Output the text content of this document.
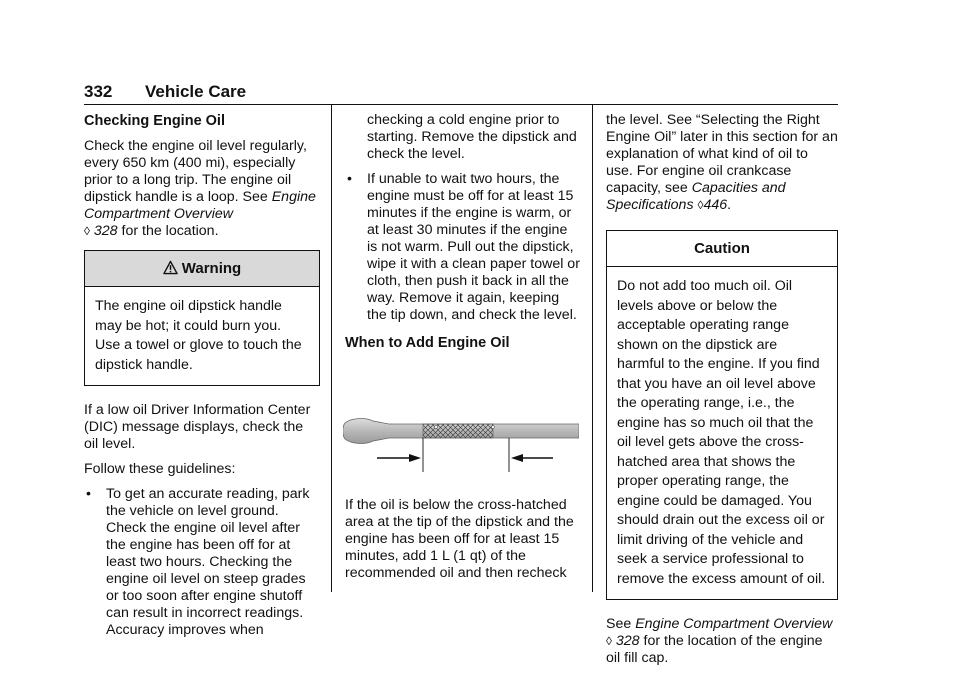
332 Vehicle Care
Checking Engine Oil

Check the engine oil level regularly, every 650 km (400 mi), especially prior to a long trip. The engine oil dipstick handle is a loop. See Engine Compartment Overview
◊ 328 for the location.

Warning
The engine oil dipstick handle may be hot; it could burn you. Use a towel or glove to touch the dipstick handle.

If a low oil Driver Information Center (DIC) message displays, check the oil level.

Follow these guidelines:

• To get an accurate reading, park the vehicle on level ground. Check the engine oil level after the engine has been off for at least two hours. Checking the engine oil level on steep grades or too soon after engine shutoff can result in incorrect readings. Accuracy improves when
checking a cold engine prior to starting. Remove the dipstick and check the level.
• If unable to wait two hours, the engine must be off for at least 15 minutes if the engine is warm, or at least 30 minutes if the engine is not warm. Pull out the dipstick, wipe it with a clean paper towel or cloth, then push it back in all the way. Remove it again, keeping the tip down, and check the level.
When to Add Engine Oil

If the oil is below the cross-hatched area at the tip of the dipstick and the engine has been off for at least 15 minutes, add 1 L (1 qt) of the recommended oil and then recheck

the level. See “Selecting the Right Engine Oil” later in this section for an explanation of what kind of oil to use. For engine oil crankcase capacity, see Capacities and Specifications ◊446.

Caution
Do not add too much oil. Oil levels above or below the acceptable operating range shown on the dipstick are harmful to the engine. If you find that you have an oil level above the operating range, i.e., the engine has so much oil that the oil level gets above the cross-hatched area that shows the proper operating range, the engine could be damaged. You should drain out the excess oil or limit driving of the vehicle and seek a service professional to remove the excess amount of oil.

See Engine Compartment Overview
◊ 328 for the location of the engine oil fill cap.
